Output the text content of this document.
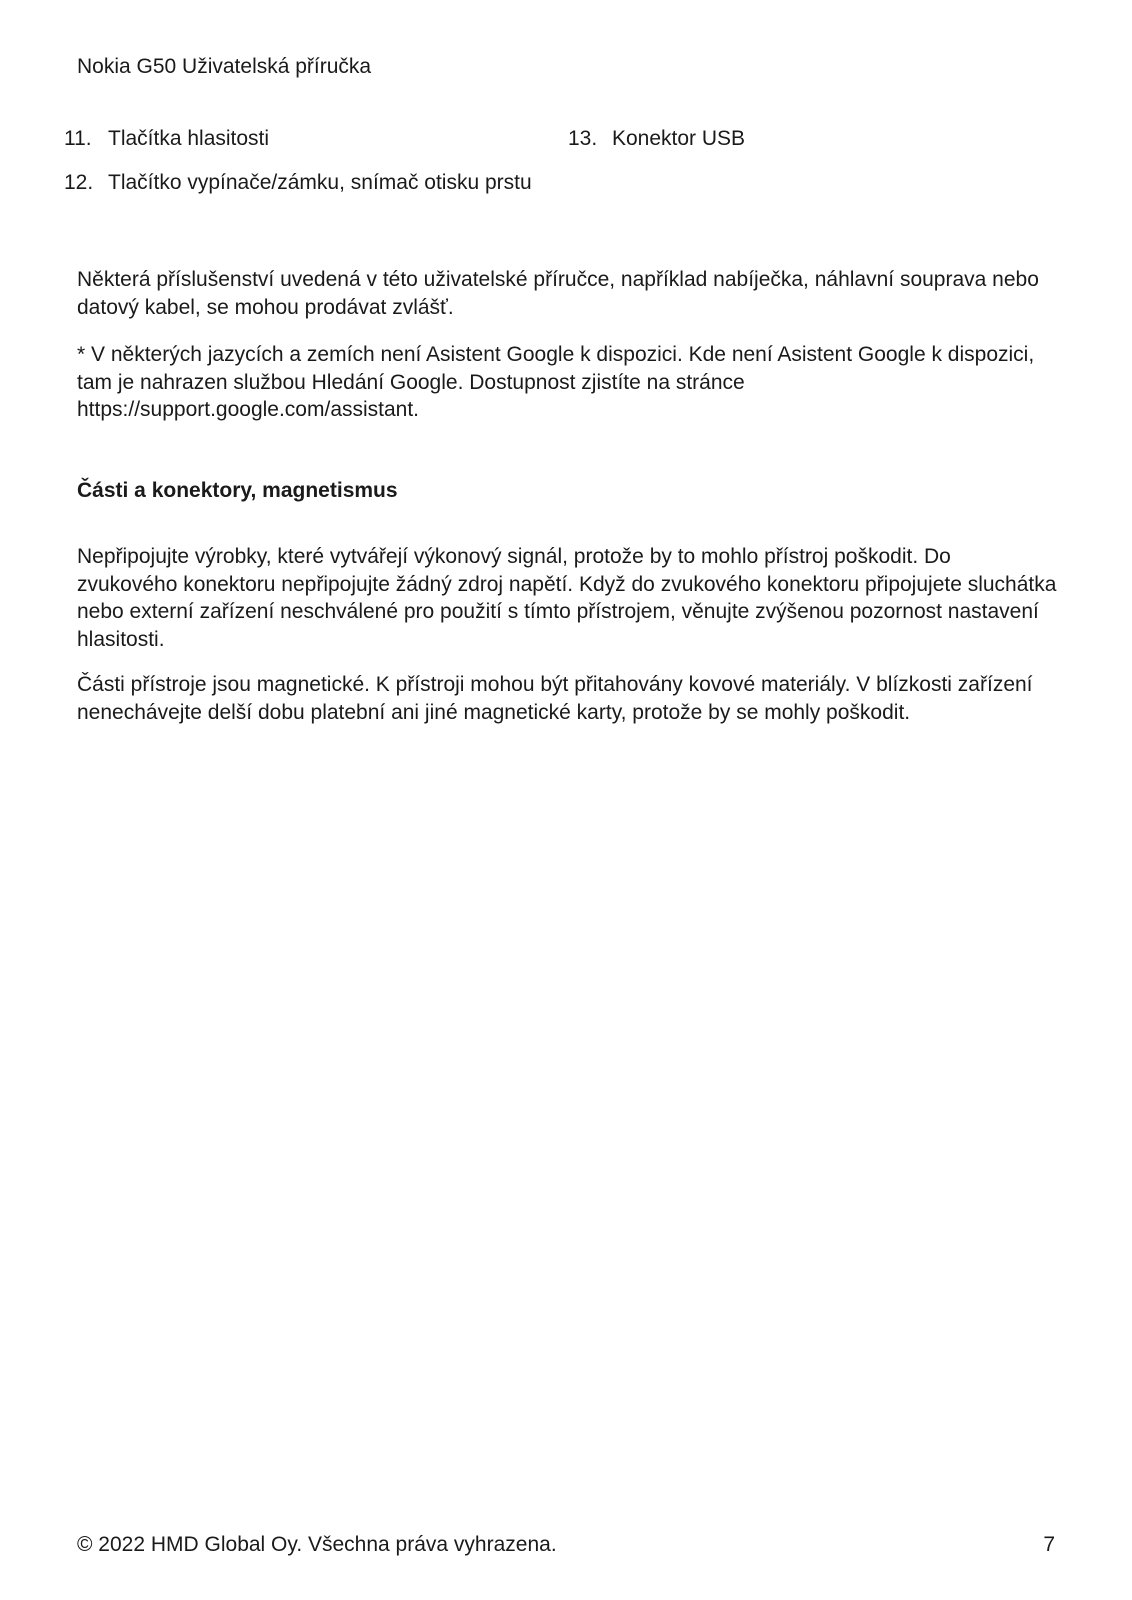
Nokia G50 Uživatelská příručka
11. Tlačítka hlasitosti
12. Tlačítko vypínače/zámku, snímač otisku prstu
13. Konektor USB

Některá příslušenství uvedená v této uživatelské příručce, například nabíječka, náhlavní souprava nebo datový kabel, se mohou prodávat zvlášť.

* V některých jazycích a zemích není Asistent Google k dispozici. Kde není Asistent Google k dispozici, tam je nahrazen službou Hledání Google. Dostupnost zjistíte na stránce https://support.google.com/assistant.

Části a konektory, magnetismus

Nepřipojujte výrobky, které vytvářejí výkonový signál, protože by to mohlo přístroj poškodit. Do zvukového konektoru nepřipojujte žádný zdroj napětí. Když do zvukového konektoru připojujete sluchátka nebo externí zařízení neschválené pro použití s tímto přístrojem, věnujte zvýšenou pozornost nastavení hlasitosti.

Části přístroje jsou magnetické. K přístroji mohou být přitahovány kovové materiály. V blízkosti zařízení nenechávejte delší dobu platební ani jiné magnetické karty, protože by se mohly poškodit.

© 2022 HMD Global Oy. Všechna práva vyhrazena.	7
